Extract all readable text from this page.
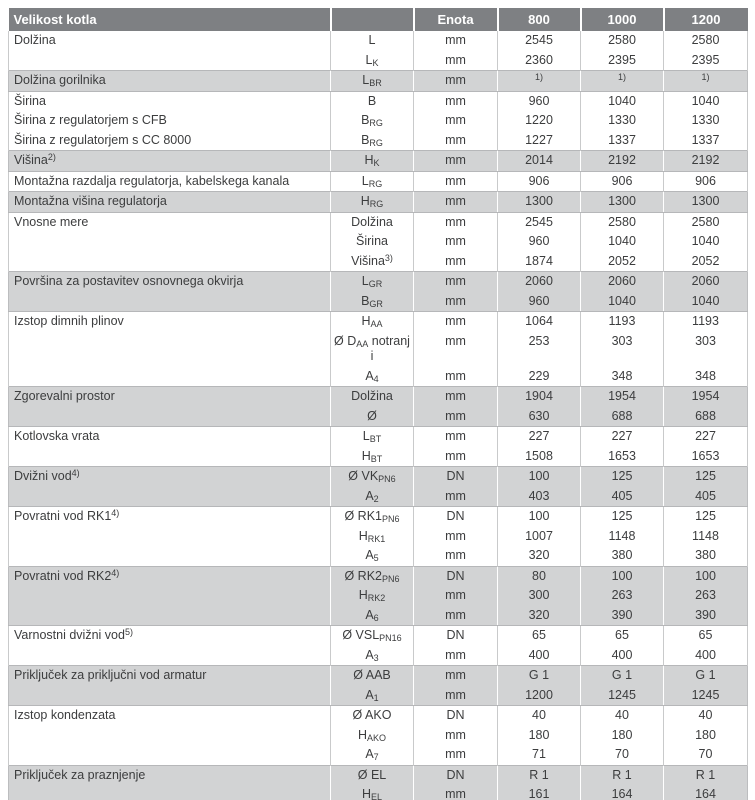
Velikost kotla		Enota	800	1000	1200
Dolžina	L	mm	2545	2580	2580
	$L_K$	mm	2360	2395	2395
Dolžina gorilnika	$L_{BR}$	mm	$^{1)}$	$^{1)}$	$^{1)}$
Širina	B	mm	960	1040	1040
Širina z regulatorjem s CFB	$B_{RG}$	mm	1220	1330	1330
Širina z regulatorjem s CC 8000	$B_{RG}$	mm	1227	1337	1337
Višina$^{2)}$	$H_K$	mm	2014	2192	2192
Montažna razdalja regulatorja, kabelskega kanala	$L_{RG}$	mm	906	906	906
Montažna višina regulatorja	$H_{RG}$	mm	1300	1300	1300
Vnosne mere	Dolžina	mm	2545	2580	2580
	Širina	mm	960	1040	1040
	Višina$^{3)}$	mm	1874	2052	2052
Površina za postavitev osnovnega okvirja	$L_{GR}$	mm	2060	2060	2060
	$B_{GR}$	mm	960	1040	1040
Izstop dimnih plinov	$H_{AA}$	mm	1064	1193	1193
	Ø $D_{AA}$ notranji	mm	253	303	303
	$A_4$	mm	229	348	348
Zgorevalni prostor	Dolžina	mm	1904	1954	1954
	Ø	mm	630	688	688
Kotlovska vrata	$L_{BT}$	mm	227	227	227
	$H_{BT}$	mm	1508	1653	1653
Dvižni vod$^{4)}$	Ø $VK_{PN6}$	DN	100	125	125
	$A_2$	mm	403	405	405
Povratni vod RK1$^{4)}$	Ø $RK1_{PN6}$	DN	100	125	125
	$H_{RK1}$	mm	1007	1148	1148
	$A_5$	mm	320	380	380
Povratni vod RK2$^{4)}$	Ø $RK2_{PN6}$	DN	80	100	100
	$H_{RK2}$	mm	300	263	263
	$A_6$	mm	320	390	390
Varnostni dvižni vod$^{5)}$	Ø $VSL_{PN16}$	DN	65	65	65
	$A_3$	mm	400	400	400
Priključek za priključni vod armatur	Ø AAB	mm	G 1	G 1	G 1
	$A_1$	mm	1200	1245	1245
Izstop kondenzata	Ø AKO	DN	40	40	40
	$H_{AKO}$	mm	180	180	180
	$A_7$	mm	71	70	70
Priključek za praznjenje	Ø EL	DN	R 1	R 1	R 1
	$H_{EL}$	mm	161	164	164
